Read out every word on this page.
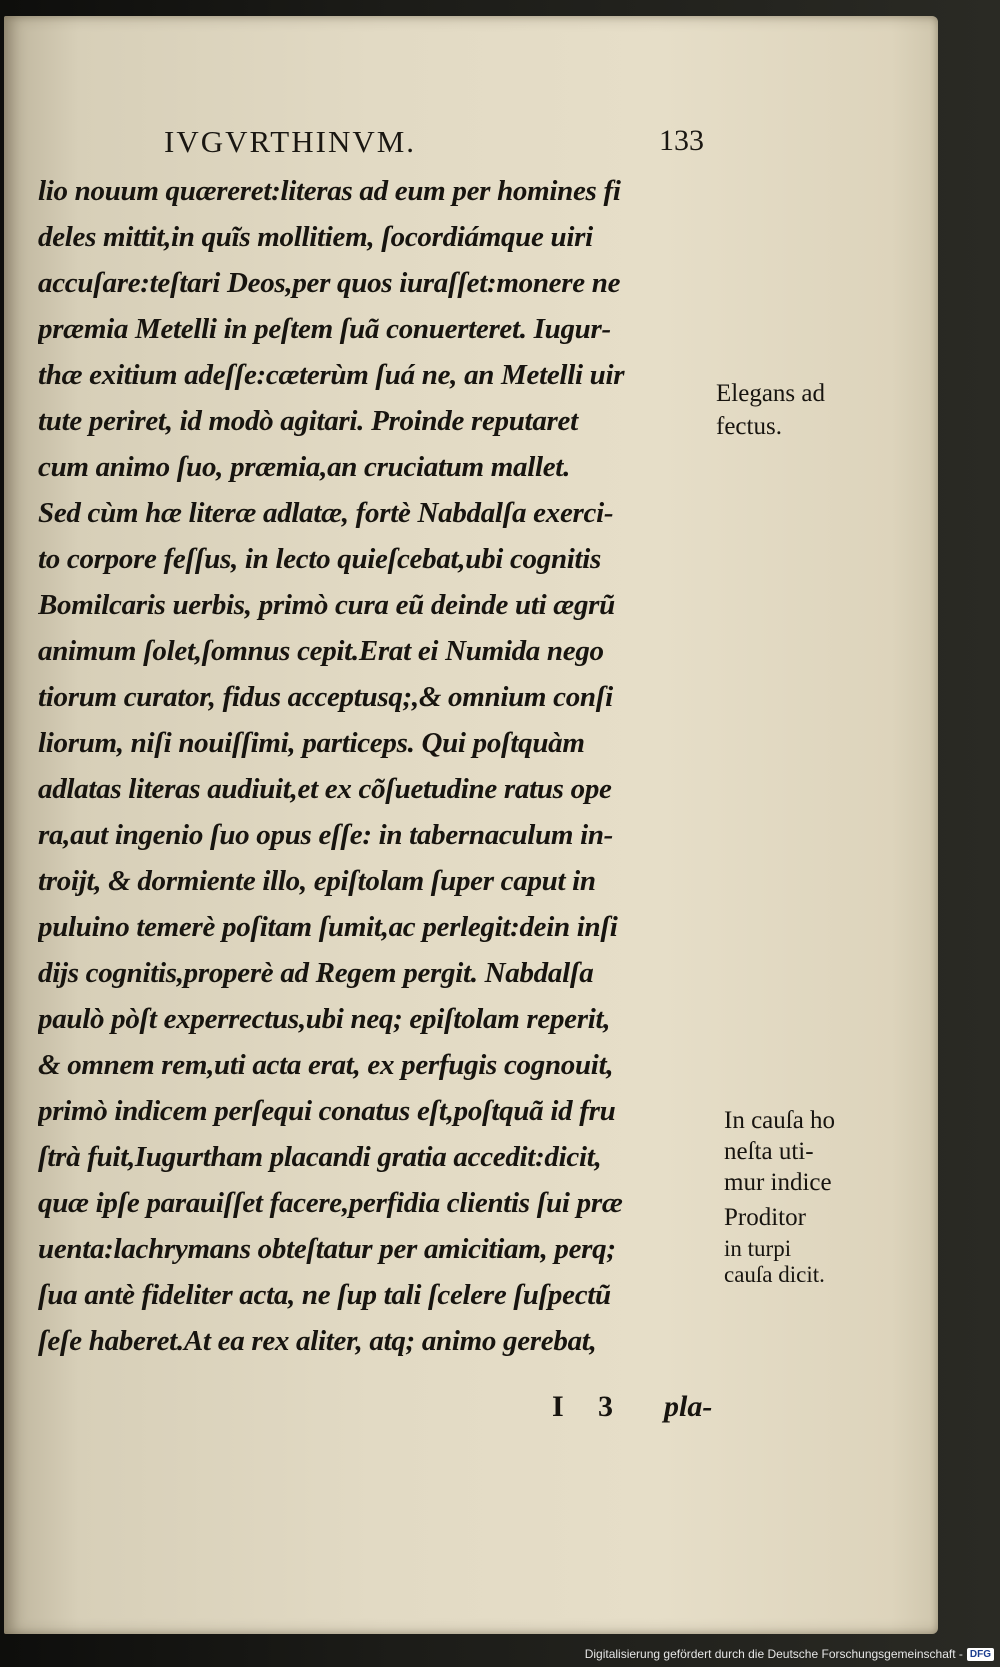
IVGVRTHINVM.	133
lio nouum quæreret:literas ad eum per homines fi
deles mittit,in quĩs mollitiem, ſocordiámque uiri
accuſare:teſtari Deos,per quos iuraſſet:monere ne
præmia Metelli in peſtem ſuã conuerteret. Iugur-
thæ exitium adeſſe:cæterùm ſuá ne, an Metelli uir
tute periret, id modò agitari. Proinde reputaret
cum animo ſuo, præmia,an cruciatum mallet.
Sed cùm hæ literæ adlatæ, fortè Nabdalſa exerci-
to corpore feſſus, in lecto quieſcebat,ubi cognitis
Bomilcaris uerbis, primò cura eũ deinde uti ægrũ
animum ſolet,ſomnus cepit.Erat ei Numida nego
tiorum curator, fidus acceptusq;,& omnium conſi
liorum, niſi nouiſſimi, particeps. Qui poſtquàm
adlatas literas audiuit,et ex cõſuetudine ratus ope
ra,aut ingenio ſuo opus eſſe: in tabernaculum in-
troijt, & dormiente illo, epiſtolam ſuper caput in
puluino temerè poſitam ſumit,ac perlegit:dein inſi
dijs cognitis,properè ad Regem pergit. Nabdalſa
paulò pòſt experrectus,ubi neq; epiſtolam reperit,
& omnem rem,uti acta erat, ex perfugis cognouit,
primò indicem perſequi conatus eſt,poſtquã id fru
ſtrà fuit,Iugurtham placandi gratia accedit:dicit,
quæ ipſe parauiſſet facere,perfidia clientis ſui præ
uenta:lachrymans obteſtatur per amicitiam, perq;
ſua antè fideliter acta, ne ſup tali ſcelere ſuſpectũ
ſeſe haberet.At ea rex aliter, atq; animo gerebat,
I 3 pla-
Elegans ad
fectus.
In cauſa ho
neſta uti-
mur indice
Proditor
in turpi
cauſa dicit.
Digitalisierung gefördert durch die Deutsche Forschungsgemeinschaft - DFG
